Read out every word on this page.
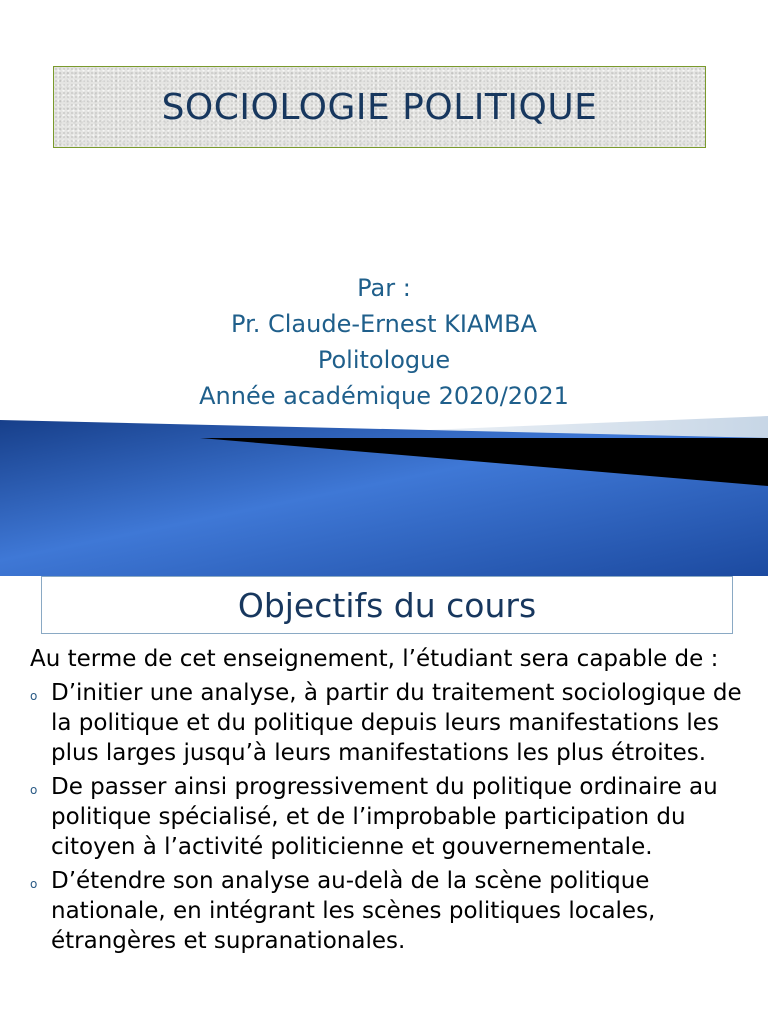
SOCIOLOGIE POLITIQUE
Par :
Pr. Claude-Ernest KIAMBA
Politologue
Année académique 2020/2021
Objectifs du cours
Au terme de cet enseignement, l’étudiant sera capable de :
o D’initier une analyse, à partir du traitement sociologique de la politique et du politique depuis leurs manifestations les plus larges jusqu’à leurs manifestations les plus étroites.
o De passer ainsi progressivement du politique ordinaire au politique spécialisé, et de l’improbable participation du citoyen à l’activité politicienne et gouvernementale.
o D’étendre son analyse au-delà de la scène politique nationale, en intégrant les scènes politiques locales, étrangères et supranationales.
